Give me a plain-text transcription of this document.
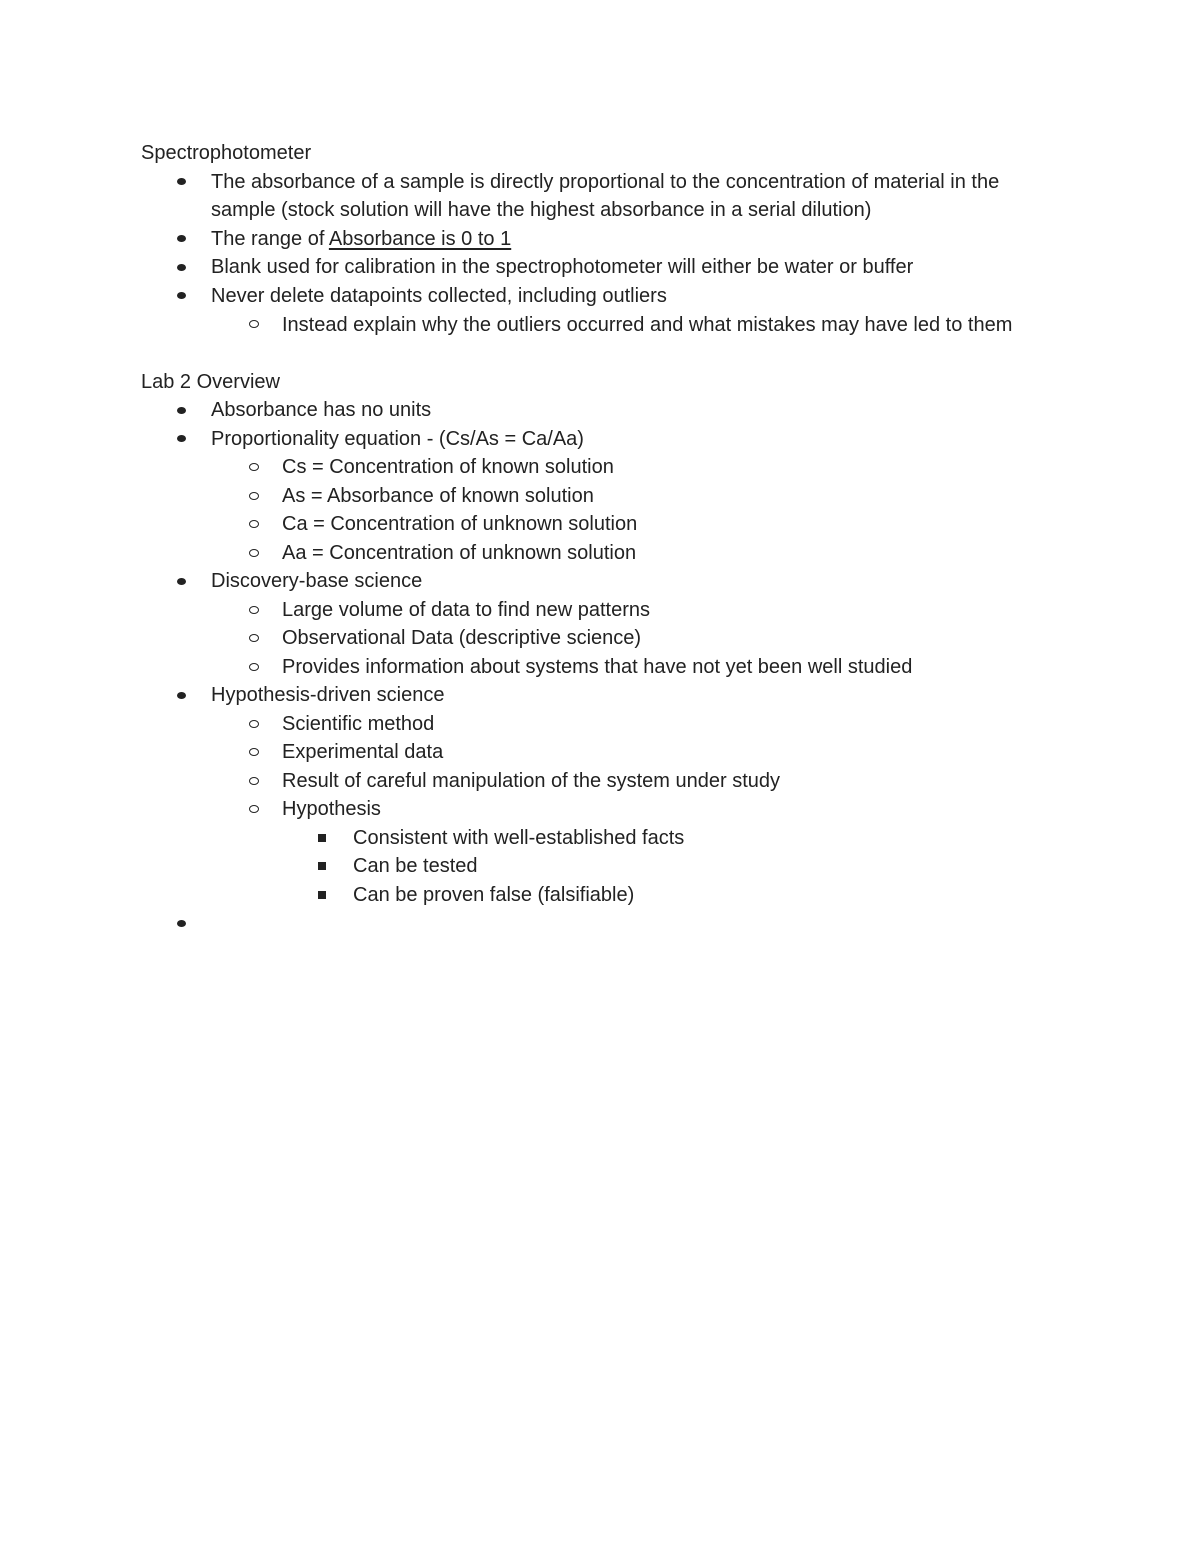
Spectrophotometer
The absorbance of a sample is directly proportional to the concentration of material in the sample (stock solution will have the highest absorbance in a serial dilution)
The range of Absorbance is 0 to 1
Blank used for calibration in the spectrophotometer will either be water or buffer
Never delete datapoints collected, including outliers
Instead explain why the outliers occurred and what mistakes may have led to them
Lab 2 Overview
Absorbance has no units
Proportionality equation - (Cs/As = Ca/Aa)
Cs = Concentration of known solution
As = Absorbance of known solution
Ca = Concentration of unknown solution
Aa = Concentration of unknown solution
Discovery-base science
Large volume of data to find new patterns
Observational Data (descriptive science)
Provides information about systems that have not yet been well studied
Hypothesis-driven science
Scientific method
Experimental data
Result of careful manipulation of the system under study
Hypothesis
Consistent with well-established facts
Can be tested
Can be proven false (falsifiable)
